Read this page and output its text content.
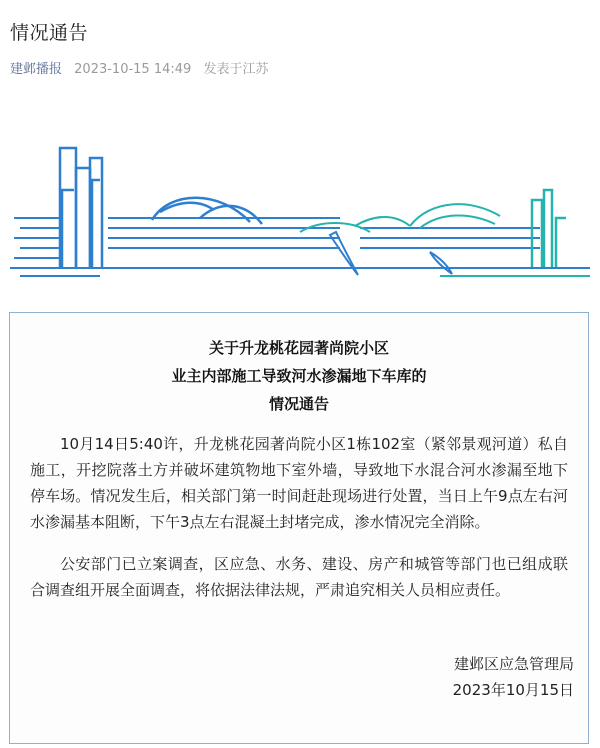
情况通告
建邺播报 2023-10-15 14:49 发表于江苏
关于升龙桃花园著尚院小区
业主内部施工导致河水渗漏地下车库的
情况通告
10月14日5:40许，升龙桃花园著尚院小区1栋102室（紧邻景观河道）私自施工，开挖院落土方并破坏建筑物地下室外墙，导致地下水混合河水渗漏至地下停车场。情况发生后，相关部门第一时间赶赴现场进行处置，当日上午9点左右河水渗漏基本阻断，下午3点左右混凝土封堵完成，渗水情况完全消除。
公安部门已立案调查，区应急、水务、建设、房产和城管等部门也已组成联合调查组开展全面调查，将依据法律法规，严肃追究相关人员相应责任。
建邺区应急管理局
2023年10月15日
